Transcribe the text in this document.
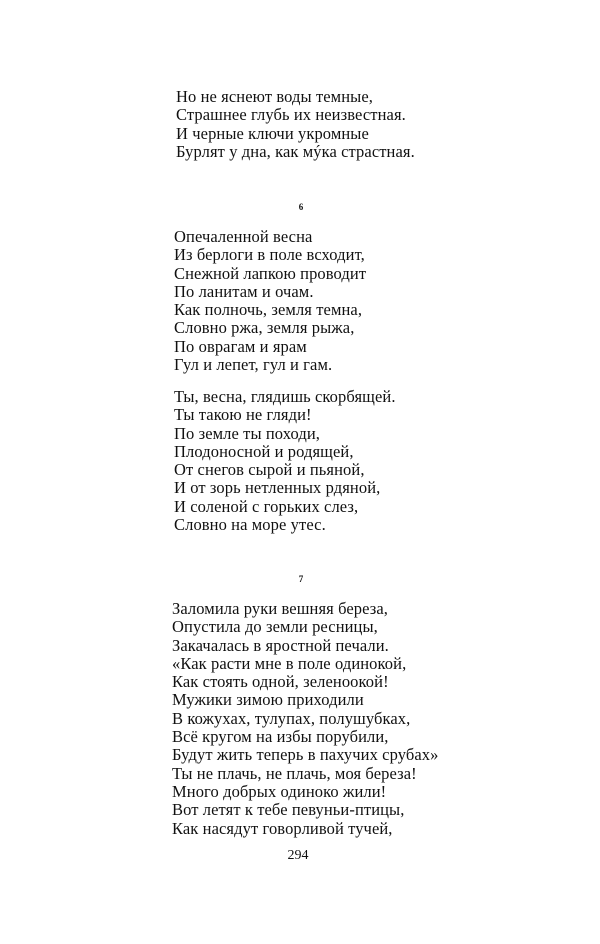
Но не яснеют воды темные,
Страшнее глубь их неизвестная.
И черные ключи укромные
Бурлят у дна, как мýка страстная.
6
Опечаленной весна
Из берлоги в поле всходит,
Снежной лапкою проводит
По ланитам и очам.
Как полночь, земля темна,
Словно ржа, земля рыжа,
По оврагам и ярам
Гул и лепет, гул и гам.
Ты, весна, глядишь скорбящей.
Ты такою не гляди!
По земле ты походи,
Плодоносной и родящей,
От снегов сырой и пьяной,
И от зорь нетленных рдяной,
И соленой с горьких слез,
Словно на море утес.
7
Заломила руки вешняя береза,
Опустила до земли ресницы,
Закачалась в яростной печали.
«Как расти мне в поле одинокой,
Как стоять одной, зеленоокой!
Мужики зимою приходили
В кожухах, тулупах, полушубках,
Всё кругом на избы порубили,
Будут жить теперь в пахучих срубах»
Ты не плачь, не плачь, моя береза!
Много добрых одиноко жили!
Вот летят к тебе певуньи-птицы,
Как насядут говорливой тучей,
294
